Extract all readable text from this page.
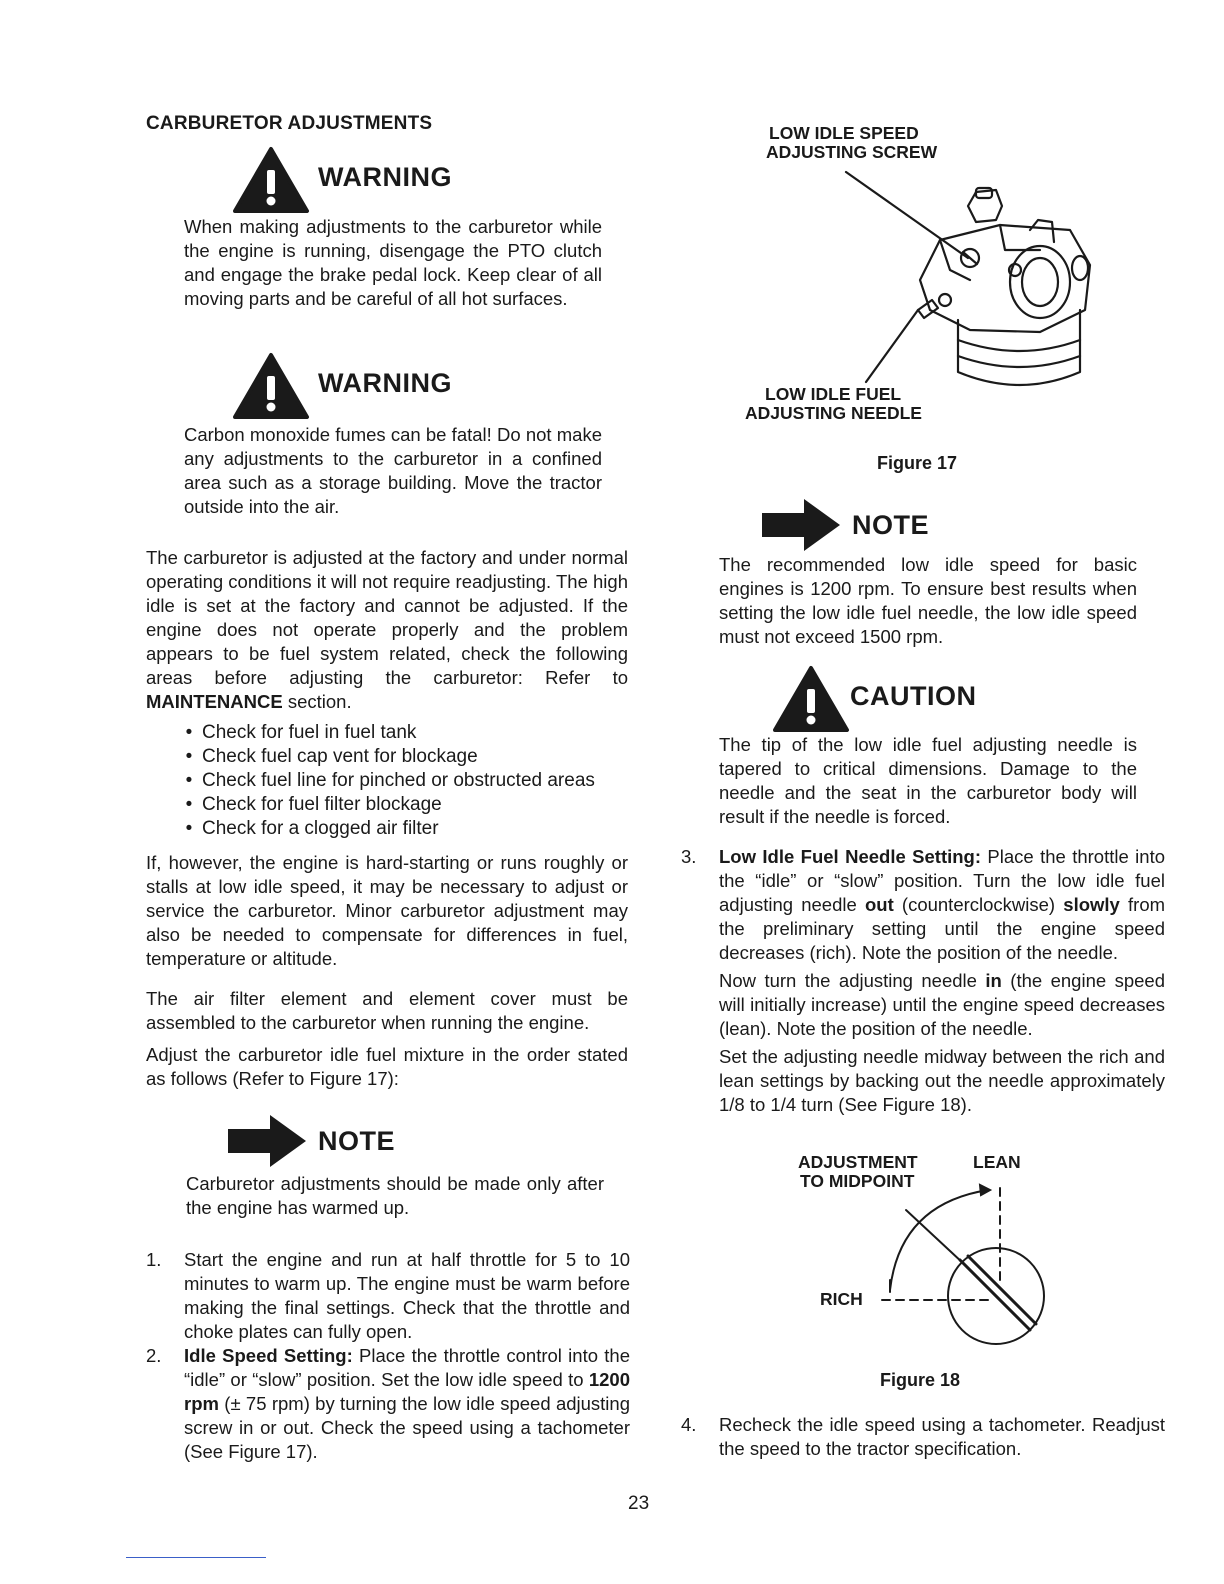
CARBURETOR ADJUSTMENTS
WARNING
When making adjustments to the carburetor while the engine is running, disengage the PTO clutch and engage the brake pedal lock. Keep clear of all moving parts and be careful of all hot surfaces.
WARNING
Carbon monoxide fumes can be fatal! Do not make any adjustments to the carburetor in a confined area such as a storage building. Move the tractor outside into the air.
The carburetor is adjusted at the factory and under normal operating conditions it will not require readjusting. The high idle is set at the factory and cannot be adjusted. If the engine does not operate properly and the problem appears to be fuel system related, check the following areas before adjusting the carburetor: Refer to MAINTENANCE section.
• Check for fuel in fuel tank
• Check fuel cap vent for blockage
• Check fuel line for pinched or obstructed areas
• Check for fuel filter blockage
• Check for a clogged air filter
If, however, the engine is hard-starting or runs roughly or stalls at low idle speed, it may be necessary to adjust or service the carburetor. Minor carburetor adjustment may also be needed to compensate for differences in fuel, temperature or altitude.
The air filter element and element cover must be assembled to the carburetor when running the engine.
Adjust the carburetor idle fuel mixture in the order stated as follows (Refer to Figure 17):
NOTE
Carburetor adjustments should be made only after the engine has warmed up.
1.	Start the engine and run at half throttle for 5 to 10 minutes to warm up. The engine must be warm before making the final settings. Check that the throttle and choke plates can fully open.
2.	Idle Speed Setting: Place the throttle control into the “idle” or “slow” position. Set the low idle speed to 1200 rpm (± 75 rpm) by turning the low idle speed adjusting screw in or out. Check the speed using a tachometer (See Figure 17).
LOW IDLE SPEED
ADJUSTING SCREW
LOW IDLE FUEL
ADJUSTING NEEDLE
Figure 17
NOTE
The recommended low idle speed for basic engines is 1200 rpm. To ensure best results when setting the low idle fuel needle, the low idle speed must not exceed 1500 rpm.
CAUTION
The tip of the low idle fuel adjusting needle is tapered to critical dimensions. Damage to the needle and the seat in the carburetor body will result if the needle is forced.
3.	Low Idle Fuel Needle Setting: Place the throttle into the “idle” or “slow” position. Turn the low idle fuel adjusting needle out (counterclockwise) slowly from the preliminary setting until the engine speed decreases (rich). Note the position of the needle.
Now turn the adjusting needle in (the engine speed will initially increase) until the engine speed decreases (lean). Note the position of the needle.
Set the adjusting needle midway between the rich and lean settings by backing out the needle approximately 1/8 to 1/4 turn (See Figure 18).
ADJUSTMENT
TO MIDPOINT
LEAN
RICH
Figure 18
4.	Recheck the idle speed using a tachometer. Readjust the speed to the tractor specification.
23
